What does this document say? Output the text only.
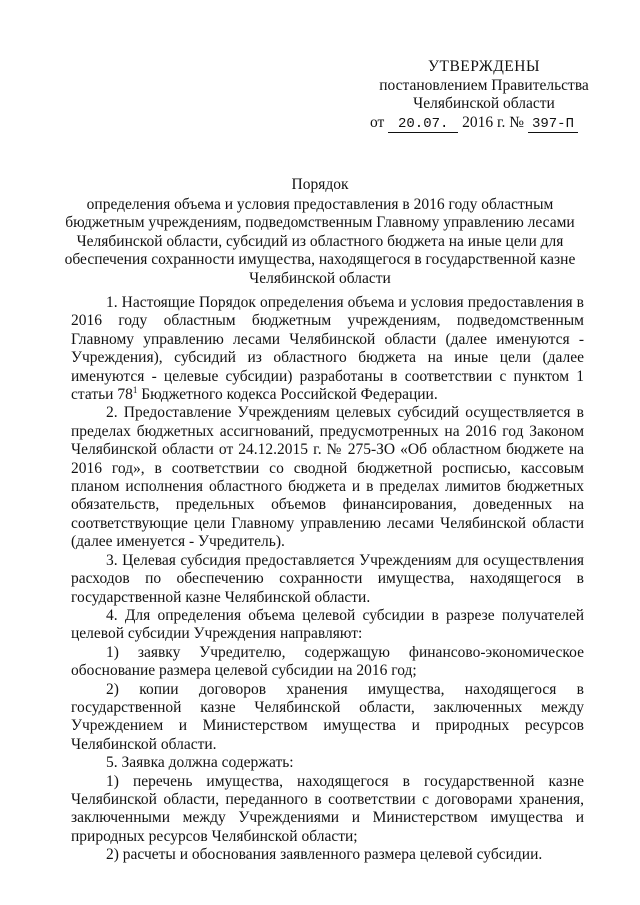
УТВЕРЖДЕНЫ
постановлением Правительства
Челябинской области
от 20.07. 2016 г. № 397-П
Порядок
определения объема и условия предоставления в 2016 году областным бюджетным учреждениям, подведомственным Главному управлению лесами Челябинской области, субсидий из областного бюджета на иные цели для обеспечения сохранности имущества, находящегося в государственной казне Челябинской области

1. Настоящие Порядок определения объема и условия предоставления в 2016 году областным бюджетным учреждениям, подведомственным Главному управлению лесами Челябинской области (далее именуются - Учреждения), субсидий из областного бюджета на иные цели (далее именуются - целевые субсидии) разработаны в соответствии с пунктом 1 статьи $78^1$ Бюджетного кодекса Российской Федерации.

2. Предоставление Учреждениям целевых субсидий осуществляется в пределах бюджетных ассигнований, предусмотренных на 2016 год Законом Челябинской области от 24.12.2015 г. № 275-ЗО «Об областном бюджете на 2016 год», в соответствии со сводной бюджетной росписью, кассовым планом исполнения областного бюджета и в пределах лимитов бюджетных обязательств, предельных объемов финансирования, доведенных на соответствующие цели Главному управлению лесами Челябинской области (далее именуется - Учредитель).

3. Целевая субсидия предоставляется Учреждениям для осуществления расходов по обеспечению сохранности имущества, находящегося в государственной казне Челябинской области.

4. Для определения объема целевой субсидии в разрезе получателей целевой субсидии Учреждения направляют:

1) заявку Учредителю, содержащую финансово-экономическое обоснование размера целевой субсидии на 2016 год;

2) копии договоров хранения имущества, находящегося в государственной казне Челябинской области, заключенных между Учреждением и Министерством имущества и природных ресурсов Челябинской области.

5. Заявка должна содержать:

1) перечень имущества, находящегося в государственной казне Челябинской области, переданного в соответствии с договорами хранения, заключенными между Учреждениями и Министерством имущества и природных ресурсов Челябинской области;

2) расчеты и обоснования заявленного размера целевой субсидии.
